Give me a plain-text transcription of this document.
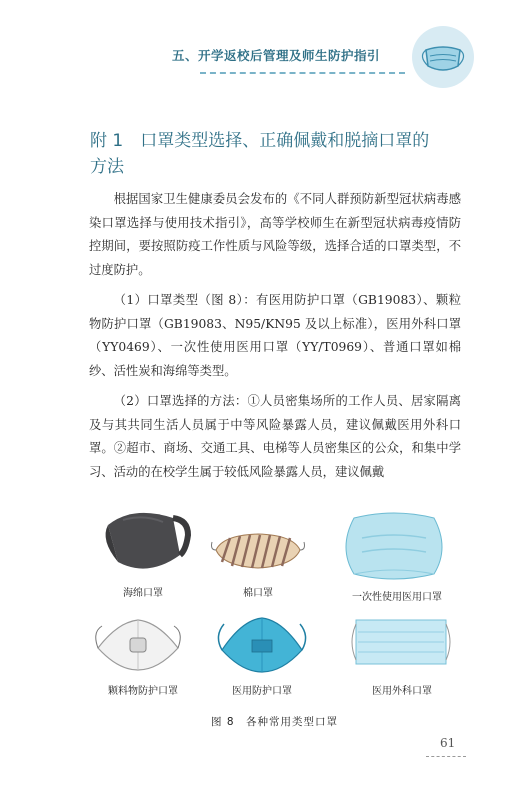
五、开学返校后管理及师生防护指引
附 1　口罩类型选择、正确佩戴和脱摘口罩的
方法
根据国家卫生健康委员会发布的《不同人群预防新型冠状病毒感染口罩选择与使用技术指引》，高等学校师生在新型冠状病毒疫情防控期间，要按照防疫工作性质与风险等级，选择合适的口罩类型，不过度防护。
（1）口罩类型（图 8）：有医用防护口罩（GB19083）、颗粒物防护口罩（GB19083、N95/KN95 及以上标准），医用外科口罩（YY0469）、一次性使用医用口罩（YY/T0969）、普通口罩如棉纱、活性炭和海绵等类型。
（2）口罩选择的方法：①人员密集场所的工作人员、居家隔离及与其共同生活人员属于中等风险暴露人员，建议佩戴医用外科口罩。②超市、商场、交通工具、电梯等人员密集区的公众，和集中学习、活动的在校学生属于较低风险暴露人员，建议佩戴
海绵口罩	棉口罩	一次性使用医用口罩
颗料物防护口罩	医用防护口罩	医用外科口罩
图 8　各种常用类型口罩
61
